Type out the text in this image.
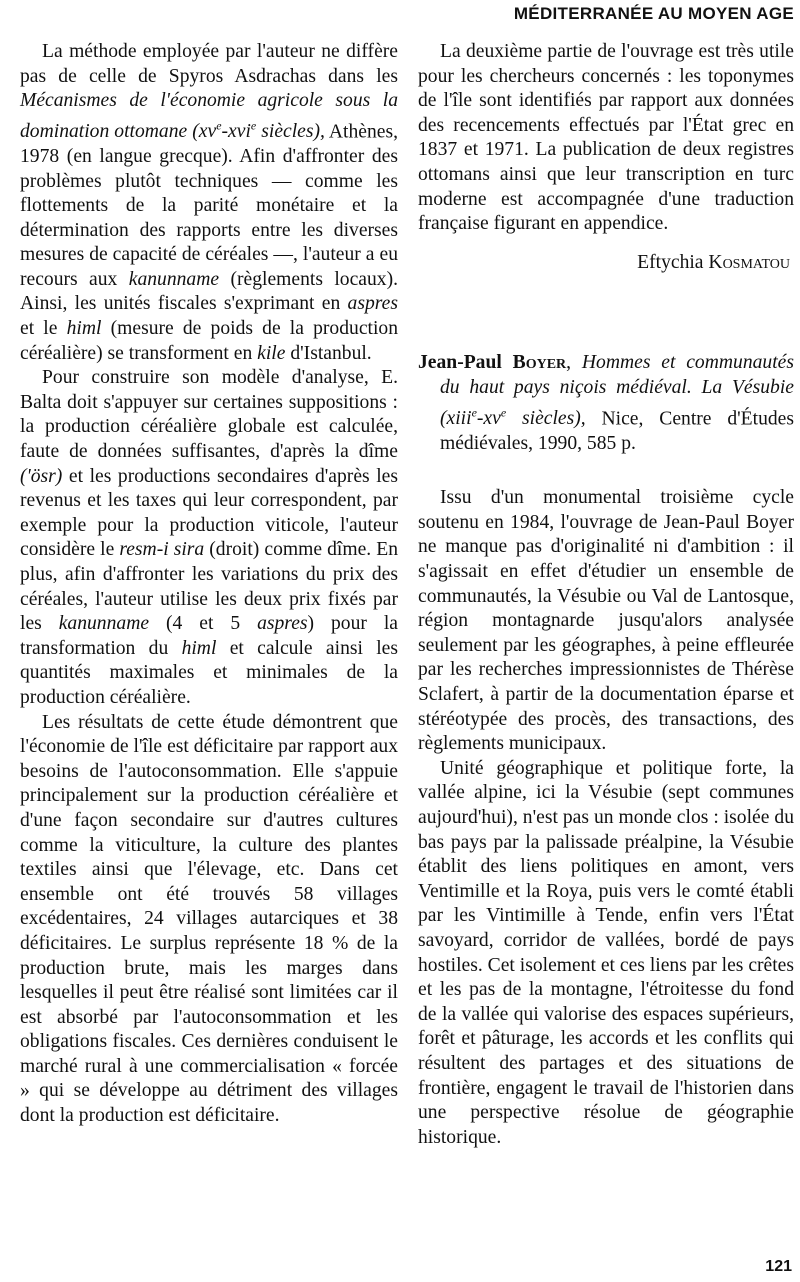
MÉDITERRANÉE AU MOYEN AGE

La méthode employée par l'auteur ne diffère pas de celle de Spyros Asdrachas dans les Mécanismes de l'économie agricole sous la domination ottomane ($xv^e-xvi^e$ siècles), Athènes, 1978 (en langue grecque). Afin d'affronter des problèmes plutôt techniques — comme les flottements de la parité monétaire et la détermination des rapports entre les diverses mesures de capacité de céréales —, l'auteur a eu recours aux kanunname (règlements locaux). Ainsi, les unités fiscales s'exprimant en aspres et le himl (mesure de poids de la production céréalière) se transforment en kile d'Istanbul.

Pour construire son modèle d'analyse, E. Balta doit s'appuyer sur certaines suppositions : la production céréalière globale est calculée, faute de données suffisantes, d'après la dîme ('ösr) et les productions secondaires d'après les revenus et les taxes qui leur correspondent, par exemple pour la production viticole, l'auteur considère le resm-i sira (droit) comme dîme. En plus, afin d'affronter les variations du prix des céréales, l'auteur utilise les deux prix fixés par les kanunname (4 et 5 aspres) pour la transformation du himl et calcule ainsi les quantités maximales et minimales de la production céréalière.

Les résultats de cette étude démontrent que l'économie de l'île est déficitaire par rapport aux besoins de l'autoconsommation. Elle s'appuie principalement sur la production céréalière et d'une façon secondaire sur d'autres cultures comme la viticulture, la culture des plantes textiles ainsi que l'élevage, etc. Dans cet ensemble ont été trouvés 58 villages excédentaires, 24 villages autarciques et 38 déficitaires. Le surplus représente 18 % de la production brute, mais les marges dans lesquelles il peut être réalisé sont limitées car il est absorbé par l'autoconsommation et les obligations fiscales. Ces dernières conduisent le marché rural à une commercialisation « forcée » qui se développe au détriment des villages dont la production est déficitaire.

La deuxième partie de l'ouvrage est très utile pour les chercheurs concernés : les toponymes de l'île sont identifiés par rapport aux données des recencements effectués par l'État grec en 1837 et 1971. La publication de deux registres ottomans ainsi que leur transcription en turc moderne est accompagnée d'une traduction française figurant en appendice.

Eftychia Kosmatou
Jean-Paul Boyer, Hommes et communautés du haut pays niçois médiéval. La Vésubie ($xiii^e-xv^e$ siècles), Nice, Centre d'Études médiévales, 1990, 585 p.

Issu d'un monumental troisième cycle soutenu en 1984, l'ouvrage de Jean-Paul Boyer ne manque pas d'originalité ni d'ambition : il s'agissait en effet d'étudier un ensemble de communautés, la Vésubie ou Val de Lantosque, région montagnarde jusqu'alors analysée seulement par les géographes, à peine effleurée par les recherches impressionnistes de Thérèse Sclafert, à partir de la documentation éparse et stéréotypée des procès, des transactions, des règlements municipaux.

Unité géographique et politique forte, la vallée alpine, ici la Vésubie (sept communes aujourd'hui), n'est pas un monde clos : isolée du bas pays par la palissade préalpine, la Vésubie établit des liens politiques en amont, vers Ventimille et la Roya, puis vers le comté établi par les Vintimille à Tende, enfin vers l'État savoyard, corridor de vallées, bordé de pays hostiles. Cet isolement et ces liens par les crêtes et les pas de la montagne, l'étroitesse du fond de la vallée qui valorise des espaces supérieurs, forêt et pâturage, les accords et les conflits qui résultent des partages et des situations de frontière, engagent le travail de l'historien dans une perspective résolue de géographie historique.

121
